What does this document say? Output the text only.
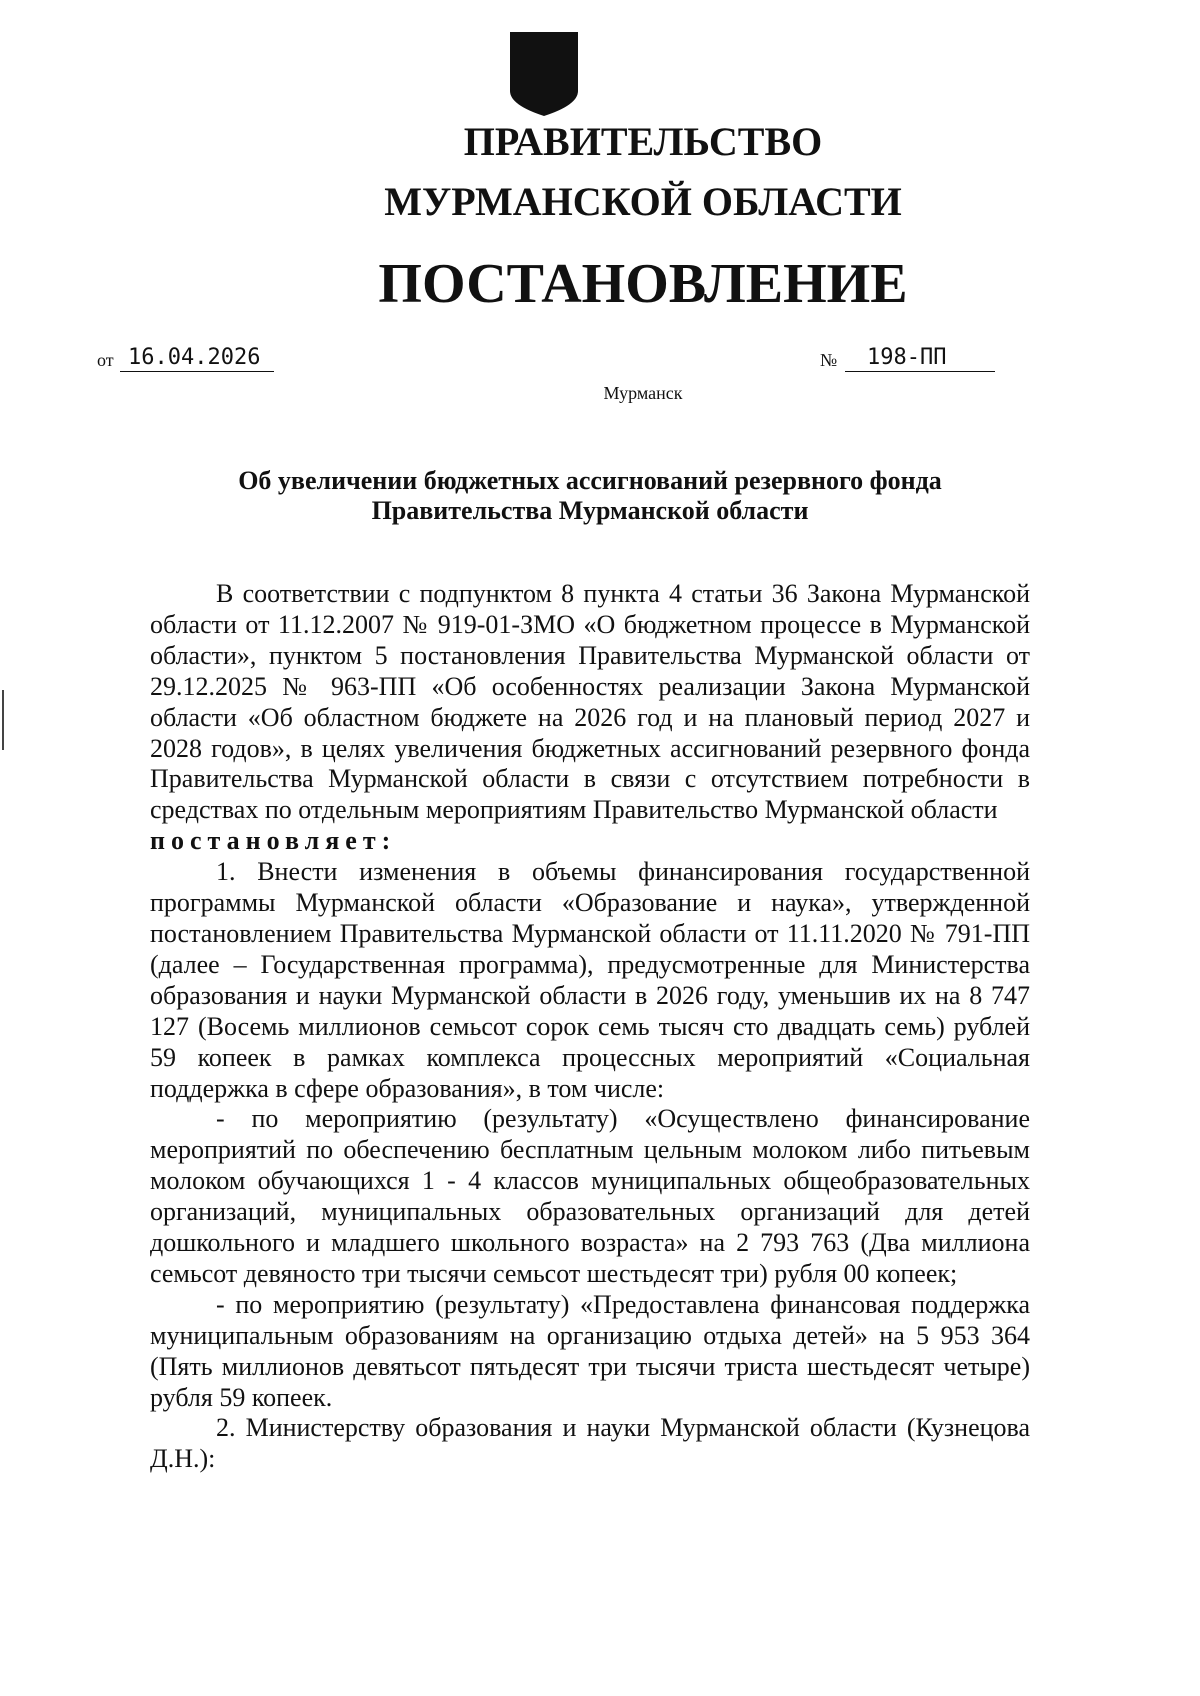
ПРАВИТЕЛЬСТВО
МУРМАНСКОЙ ОБЛАСТИ
ПОСТАНОВЛЕНИЕ
от 16.04.2026	№	198-ПП
Мурманск
Об увеличении бюджетных ассигнований резервного фонда
Правительства Мурманской области

В соответствии с подпунктом 8 пункта 4 статьи 36 Закона Мурманской области от 11.12.2007 № 919-01-ЗМО «О бюджетном процессе в Мурманской области», пунктом 5 постановления Правительства Мурманской области от 29.12.2025 № 963-ПП «Об особенностях реализации Закона Мурманской области «Об областном бюджете на 2026 год и на плановый период 2027 и 2028 годов», в целях увеличения бюджетных ассигнований резервного фонда Правительства Мурманской области в связи с отсутствием потребности в средствах по отдельным мероприятиям Правительство Мурманской области

постановляет:

1. Внести изменения в объемы финансирования государственной программы Мурманской области «Образование и наука», утвержденной постановлением Правительства Мурманской области от 11.11.2020 № 791-ПП (далее – Государственная программа), предусмотренные для Министерства образования и науки Мурманской области в 2026 году, уменьшив их на 8 747 127 (Восемь миллионов семьсот сорок семь тысяч сто двадцать семь) рублей 59 копеек в рамках комплекса процессных мероприятий «Социальная поддержка в сфере образования», в том числе:

- по мероприятию (результату) «Осуществлено финансирование мероприятий по обеспечению бесплатным цельным молоком либо питьевым молоком обучающихся 1 - 4 классов муниципальных общеобразовательных организаций, муниципальных образовательных организаций для детей дошкольного и младшего школьного возраста» на 2 793 763 (Два миллиона семьсот девяносто три тысячи семьсот шестьдесят три) рубля 00 копеек;

- по мероприятию (результату) «Предоставлена финансовая поддержка муниципальным образованиям на организацию отдыха детей» на 5 953 364 (Пять миллионов девятьсот пятьдесят три тысячи триста шестьдесят четыре) рубля 59 копеек.

2. Министерству образования и науки Мурманской области (Кузнецова Д.Н.):
